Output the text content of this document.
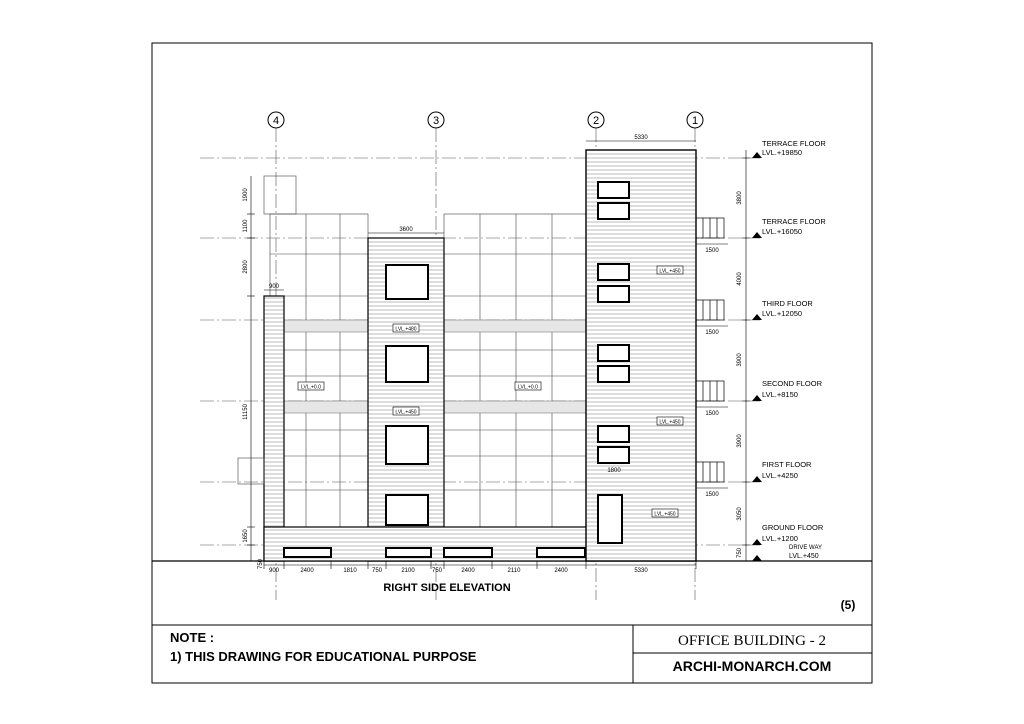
4	3	2	1
LVL.+480
LVL.+450
LVL.+0.0	LVL.+0.0
LVL.+450
LVL.+450
LVL.+450
5330
3600
900
1500
1500
1500
1500
1800
3800
4000
3900
3900
3050
750
TERRACE FLOOR
LVL.+19850
TERRACE FLOOR
LVL.+16050
THIRD FLOOR
LVL.+12050
SECOND FLOOR
LVL.+8150
FIRST FLOOR
LVL.+4250
GROUND FLOOR
LVL.+1200
DRIVE WAY
LVL.+450
1900
1100
2800
11150
1650
750
900	2400	1810	750	2100	750	2400	2110	2400	5330
RIGHT SIDE ELEVATION
(5)
NOTE :
1) THIS DRAWING FOR EDUCATIONAL PURPOSE
OFFICE BUILDING - 2
ARCHI-MONARCH.COM
